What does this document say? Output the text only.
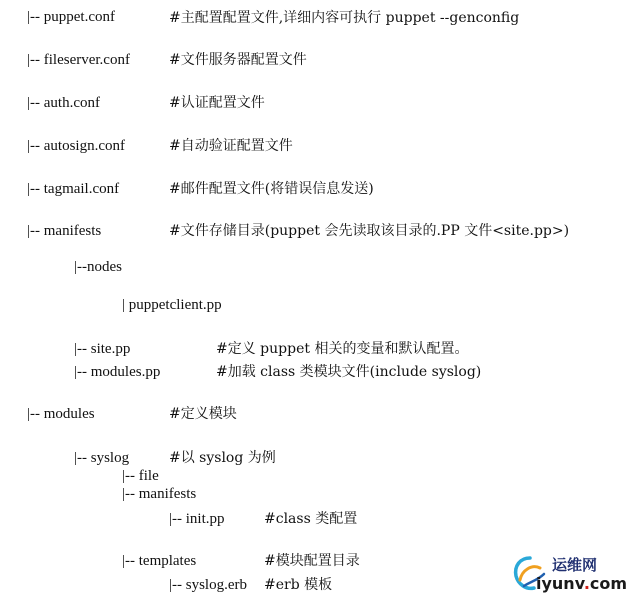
|-- puppet.conf	#主配置配置文件,详细内容可执行 puppet --genconfig
|-- fileserver.conf	#文件服务器配置文件
|-- auth.conf	#认证配置文件
|-- autosign.conf	#自动验证配置文件
|-- tagmail.conf	#邮件配置文件(将错误信息发送)
|-- manifests	#文件存储目录(puppet 会先读取该目录的.PP 文件<site.pp>)
|--nodes
| puppetclient.pp
|-- site.pp	#定义 puppet 相关的变量和默认配置。
|-- modules.pp	#加载 class 类模块文件(include syslog)
|-- modules	#定义模块
|-- syslog	#以 syslog 为例
|-- file
|-- manifests
|-- init.pp	#class 类配置
|-- templates	#模块配置目录
|-- syslog.erb #erb 模板
运维网
iyunv.com
